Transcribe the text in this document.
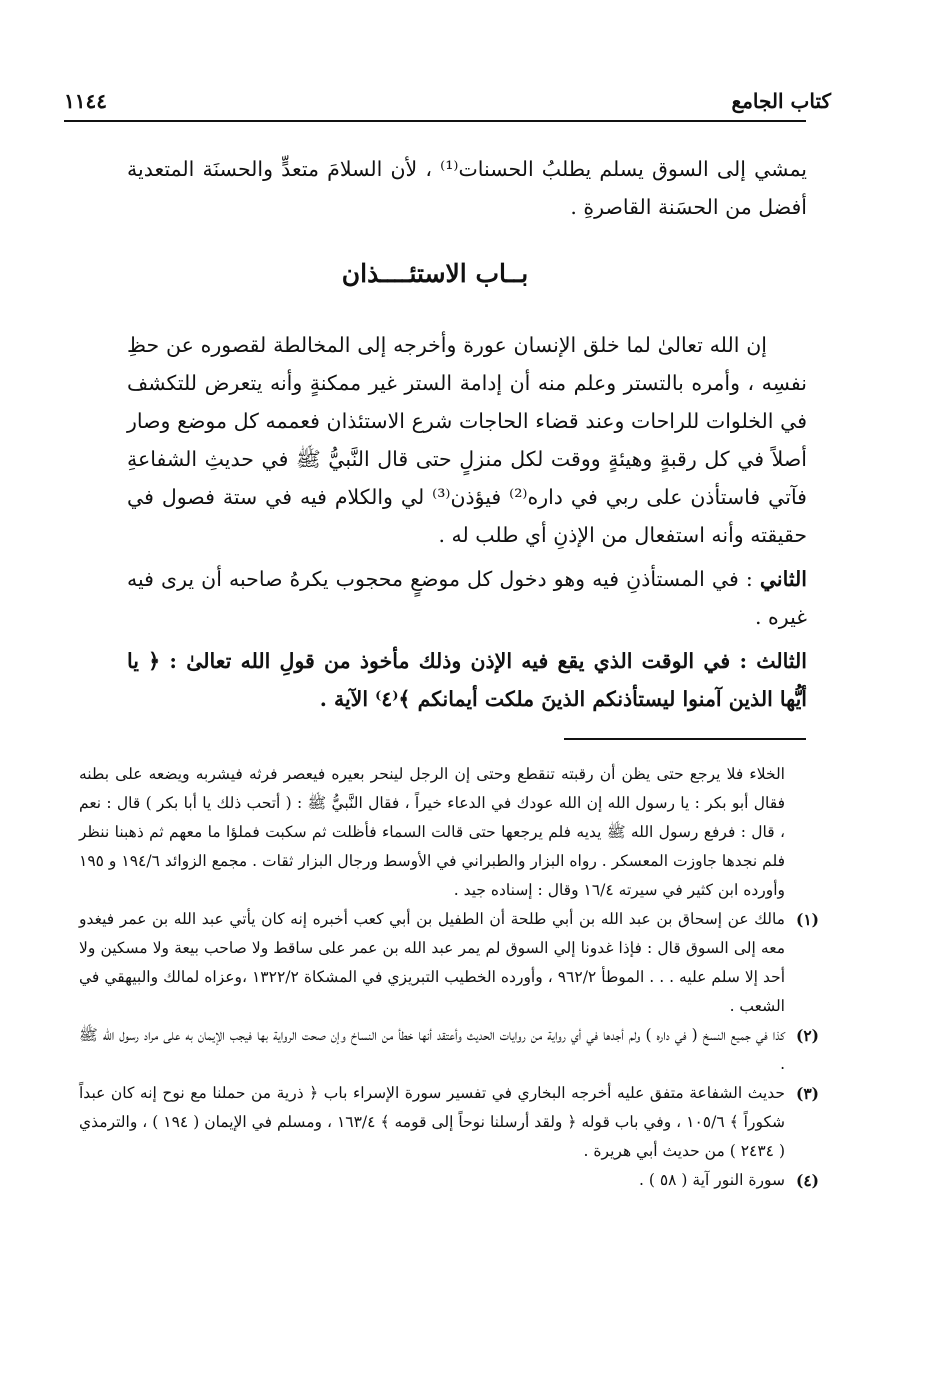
كتاب الجامع
١١٤٤

يمشي إلى السوق يسلم يطلبُ الحسنات⁽¹⁾ ، لأن السلامَ متعدٍّ والحسنَة المتعدية أفضل من الحسَنة القاصرةِ .

بــاب الاستئــــذان

إن الله تعالىٰ لما خلق الإنسان عورة وأخرجه إلى المخالطة لقصوره عن حظِ نفسِه ، وأمره بالتستر وعلم منه أن إدامة الستر غير ممكنةٍ وأنه يتعرض للتكشف في الخلوات للراحات وعند قضاء الحاجات شرع الاستئذان فعممه كل موضع وصار أصلاً في كل رقبةٍ وهيئةٍ ووقت لكل منزلٍ حتى قال النَّبيُّ ﷺ في حديثِ الشفاعةِ فآتي فاستأذن على ربي في داره⁽²⁾ فيؤذن⁽³⁾ لي والكلام فيه في ستة فصول في حقيقته وأنه استفعال من الإذنِ أي طلب له .

الثاني : في المستأذنِ فيه وهو دخول كل موضعٍ محجوب يكرهُ صاحبه أن يرى فيه غيره .

الثالث : في الوقت الذي يقع فيه الإذن وذلك مأخوذ من قولِ الله تعالىٰ : ﴿ يا أيُّها الذين آمنوا ليستأذنكم الذينَ ملكت أيمانكم ﴾⁽٤⁾ الآية .

الخلاء فلا يرجع حتى يظن أن رقبته تنقطع وحتى إن الرجل لينحر بعيره فيعصر فرثه فيشربه ويضعه على بطنه فقال أبو بكر : يا رسول الله إن الله عودك في الدعاء خيراً ، فقال النَّبيُّ ﷺ : ( أتحب ذلك يا أبا بكر ) قال : نعم ، قال : فرفع رسول الله ﷺ يديه فلم يرجعها حتى قالت السماء فأظلت ثم سكبت فملؤا ما معهم ثم ذهبنا ننظر فلم نجدها جاوزت المعسكر . رواه البزار والطبراني في الأوسط ورجال البزار ثقات . مجمع الزوائد ١٩٤/٦ و ١٩٥ وأورده ابن كثير في سيرته ١٦/٤ وقال : إسناده جيد .

(١)
مالك عن إسحاق بن عبد الله بن أبي طلحة أن الطفيل بن أبي كعب أخبره إنه كان يأتي عبد الله بن عمر فيغدو معه إلى السوق قال : فإذا غدونا إلي السوق لم يمر عبد الله بن عمر على ساقط ولا صاحب بيعة ولا مسكين ولا أحد إلا سلم عليه . . . الموطأ ٩٦٢/٢ ، وأورده الخطيب التبريزي في المشكاة ١٣٢٢/٢ ،وعزاه لمالك والبيهقي في الشعب .
(٢)
كذا في جميع النسخ ( في داره ) ولم أجدها في أي رواية من روايات الحديث وأعتقد أنها خطأ من النساخ وإن صحت الرواية بها فيجب الإيمان به على مراد رسول الله ﷺ .
(٣)
حديث الشفاعة متفق عليه أخرجه البخاري في تفسير سورة الإسراء باب ﴿ ذرية من حملنا مع نوح إنه كان عبداً شكوراً ﴾ ١٠٥/٦ ، وفي باب قوله ﴿ ولقد أرسلنا نوحاً إلى قومه ﴾ ١٦٣/٤ ، ومسلم في الإيمان ( ١٩٤ ) ، والترمذي ( ٢٤٣٤ ) من حديث أبي هريرة .
(٤)
سورة النور آية ( ٥٨ ) .
